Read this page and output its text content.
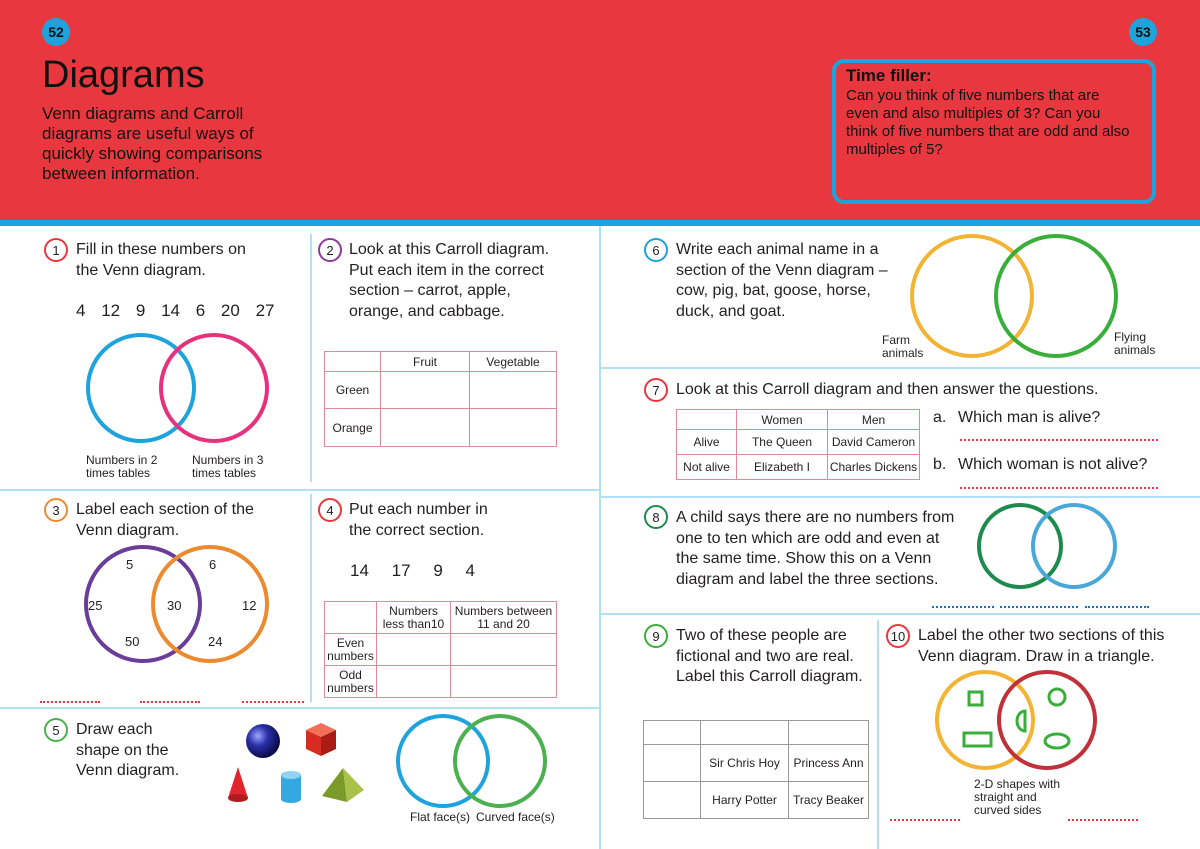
52	53
Diagrams
Venn diagrams and Carroll diagrams are useful ways of quickly showing comparisons between information.
Time filler:
Can you think of five numbers that are even and also multiples of 3? Can you think of five numbers that are odd and also multiples of 5?
1	Fill in these numbers on the Venn diagram.
4 12 9 14 6 20 27
Numbers in 2 times tables
Numbers in 3 times tables
2 Look at this Carroll diagram. Put each item in the correct section – carrot, apple, orange, and cabbage.
	Fruit	Vegetable
Green		
Orange		
3	Label each section of the Venn diagram.
5	6
25	30	12
50	24
4 Put each number in the correct section.
14 17 9 4
	Numbers less than10	Numbers between 11 and 20
Even numbers		
Odd numbers		
5	Draw each shape on the Venn diagram.
Flat face(s) Curved face(s)
6	Write each animal name in a section of the Venn diagram – cow, pig, bat, goose, horse, duck, and goat.
Farm animals
Flying animals
7	Look at this Carroll diagram and then answer the questions.
	Women	Men
Alive	The Queen	David Cameron
Not alive	Elizabeth I	Charles Dickens
a. Which man is alive?
b. Which woman is not alive?
8	A child says there are no numbers from one to ten which are odd and even at the same time. Show this on a Venn diagram and label the three sections.
9	Two of these people are fictional and two are real. Label this Carroll diagram.

	Sir Chris Hoy	Princess Ann
	Harry Potter	Tracy Beaker
10 Label the other two sections of this Venn diagram. Draw in a triangle.
2-D shapes with straight and curved sides
